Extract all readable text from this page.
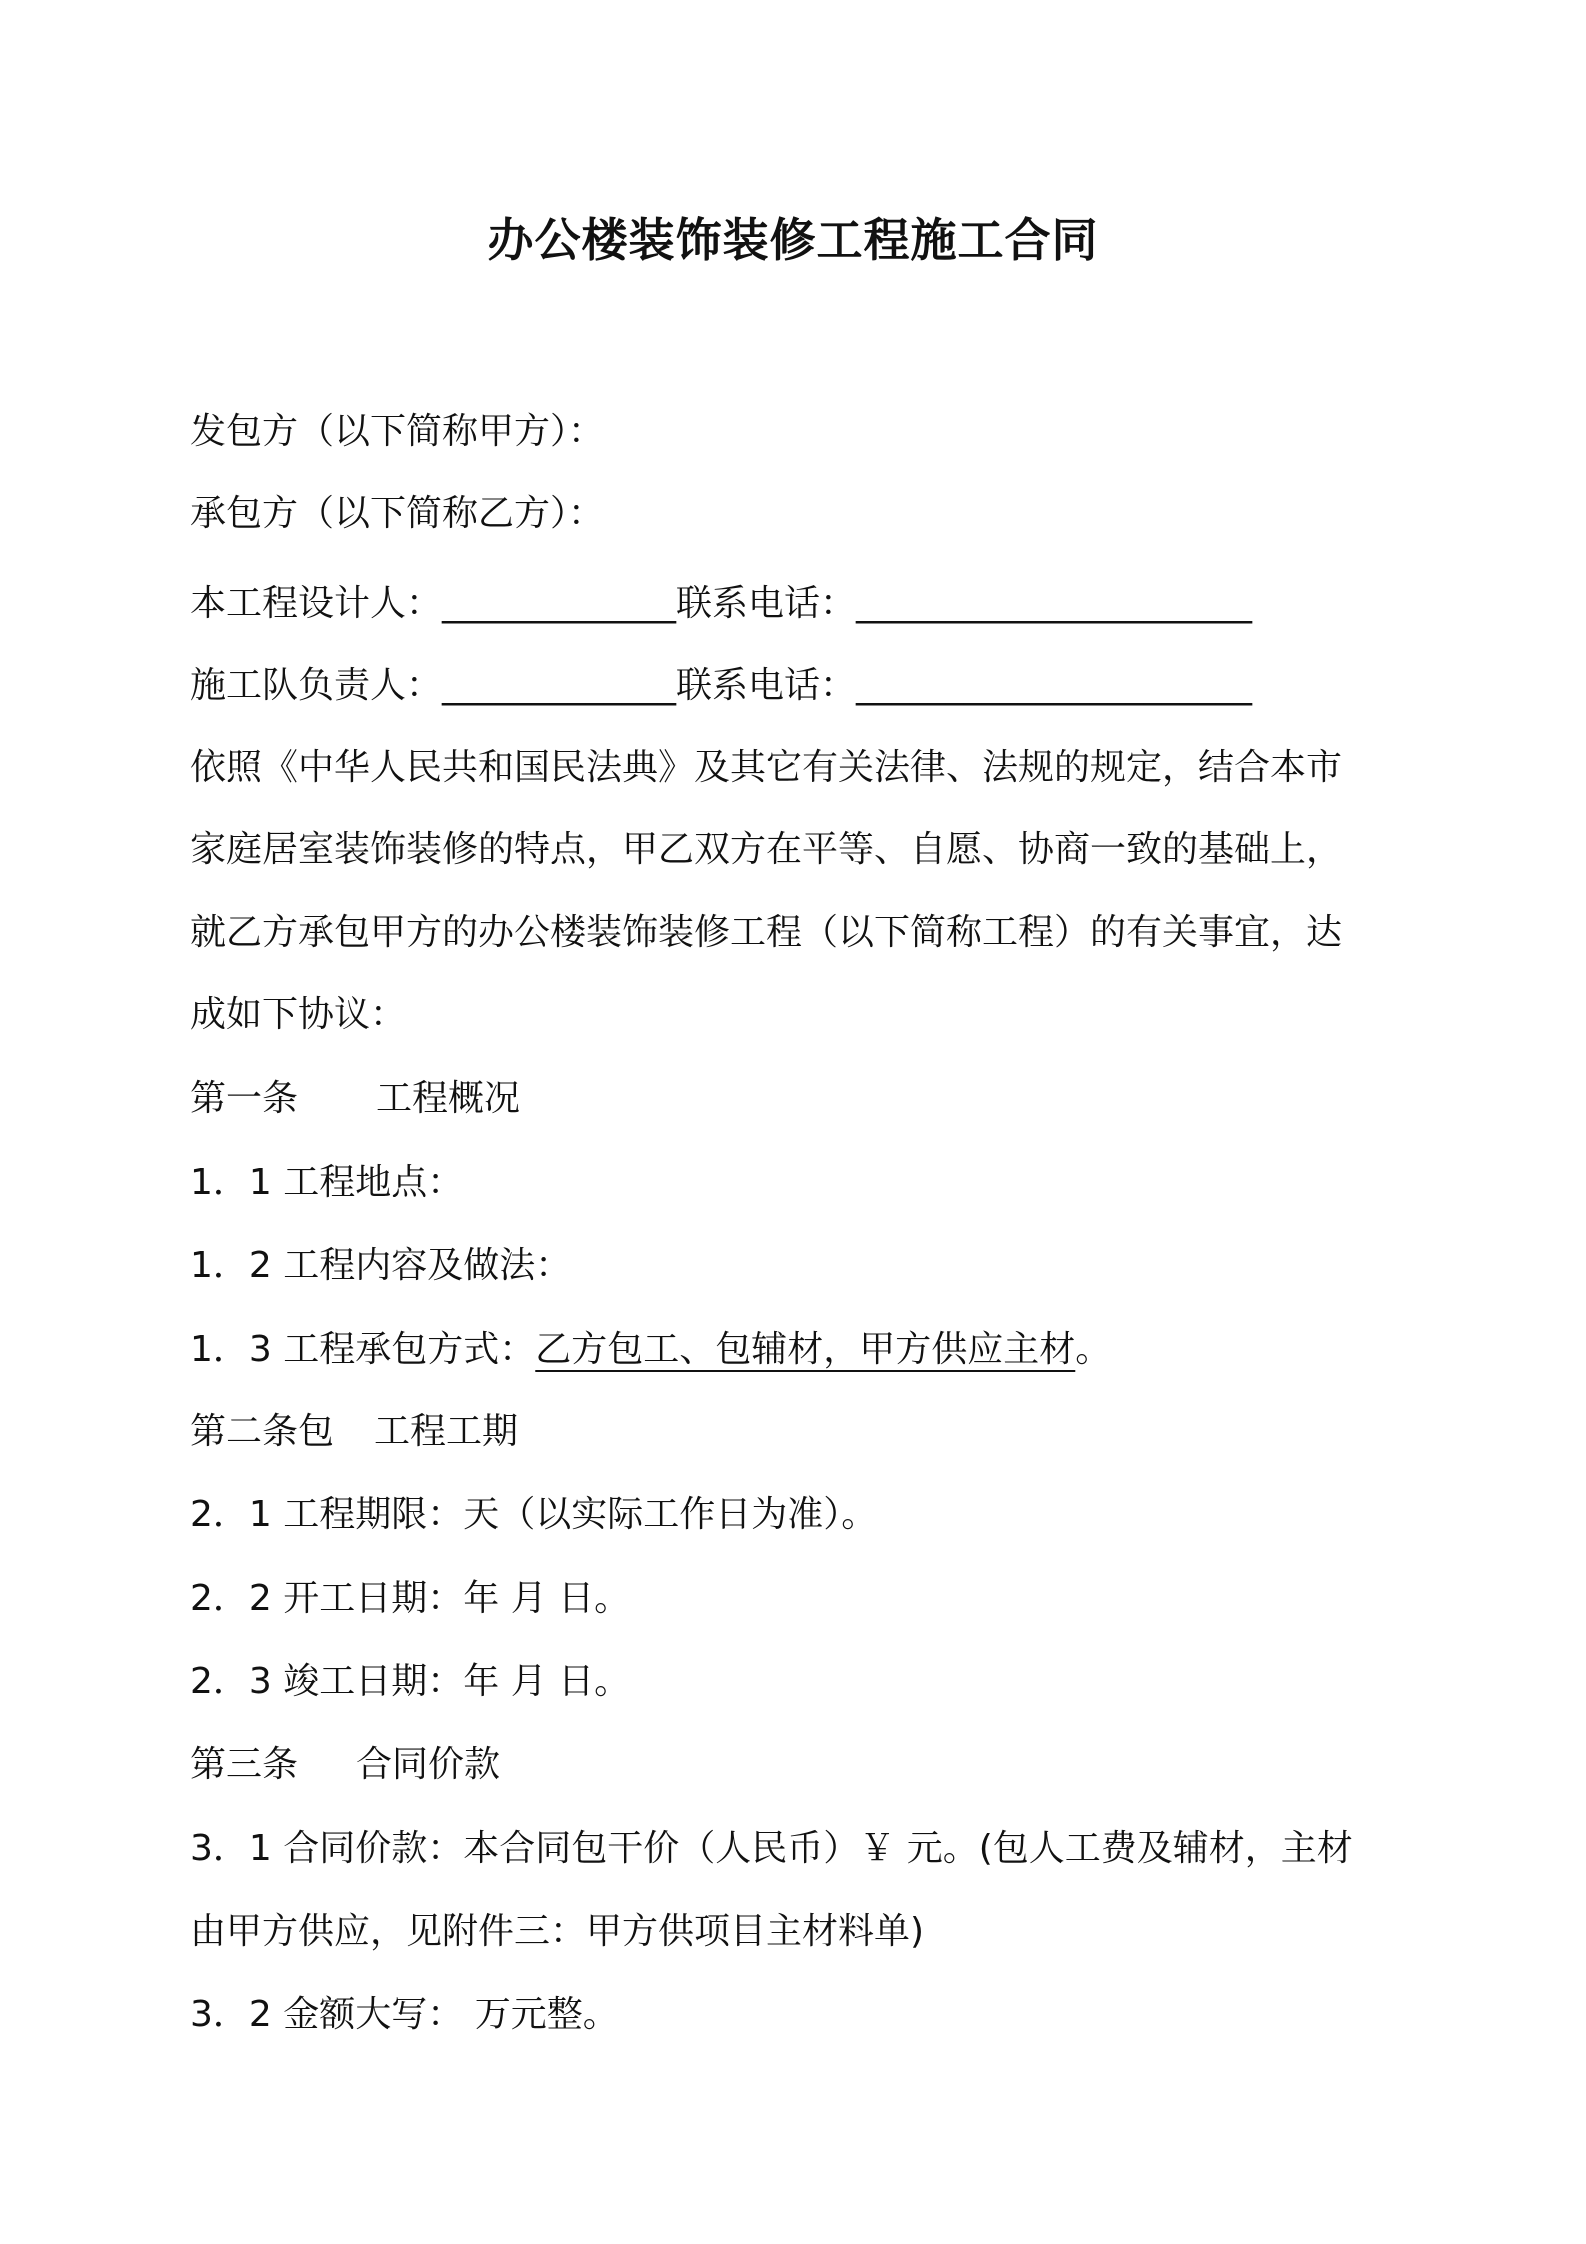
办公楼装饰装修工程施工合同
发包方（以下简称甲方）：
承包方（以下简称乙方）：
本工程设计人：_____________联系电话：______________________
施工队负责人：_____________联系电话：______________________
依照《中华人民共和国民法典》及其它有关法律、法规的规定，结合本市
家庭居室装饰装修的特点，甲乙双方在平等、自愿、协商一致的基础上，
就乙方承包甲方的办公楼装饰装修工程（以下简称工程）的有关事宜，达
成如下协议：
第一条 工程概况
1．1 工程地点：
1．2 工程内容及做法：
1．3 工程承包方式：乙方包工、包辅材，甲方供应主材。
第二条包 工程工期
2．1 工程期限：天（以实际工作日为准）。
2．2 开工日期：年 月 日。
2．3 竣工日期：年 月 日。
第三条 合同价款
3．1 合同价款：本合同包干价（人民币）￥ 元。(包人工费及辅材，主材
由甲方供应，见附件三：甲方供项目主材料单)
3．2 金额大写： 万元整。
